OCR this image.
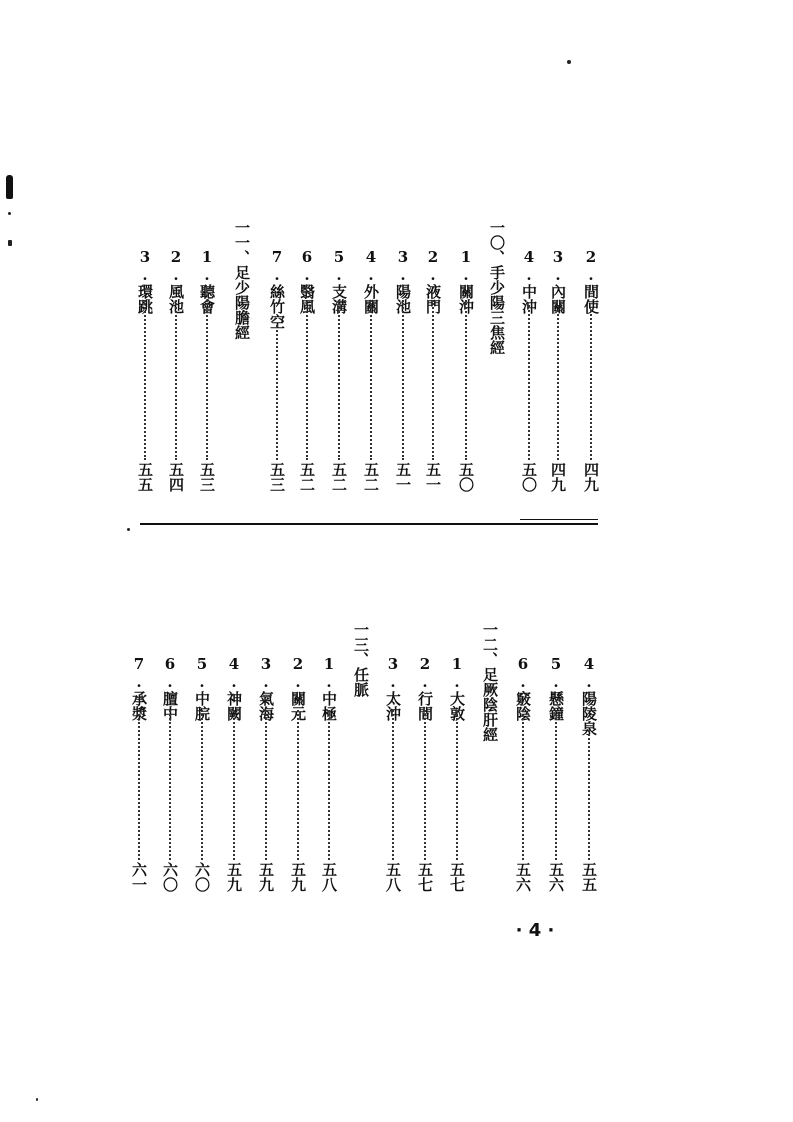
2.間使
3.內關
4.中沖
一〇、手少陽三焦經
1.關沖
2.液門
3.陽池
4.外關
5.支溝
6.翳風
7.絲竹空
一一、足少陽膽經
1.聽會
2.風池
3.環跳
四九
四九
五〇
五〇
五一
五一
五二
五二
五二
五三
五三
五四
五五
4.陽陵泉
5.懸鐘
6.竅陰
一二、足厥陰肝經
1.大敦
2.行間
3.太沖
一三、任脈
1.中極
2.關元
3.氣海
4.神闕
5.中脘
6.膻中
7.承漿
五五
五六
五六
五七
五七
五八
五八
五九
五九
五九
六〇
六〇
六一
· 4 ·
